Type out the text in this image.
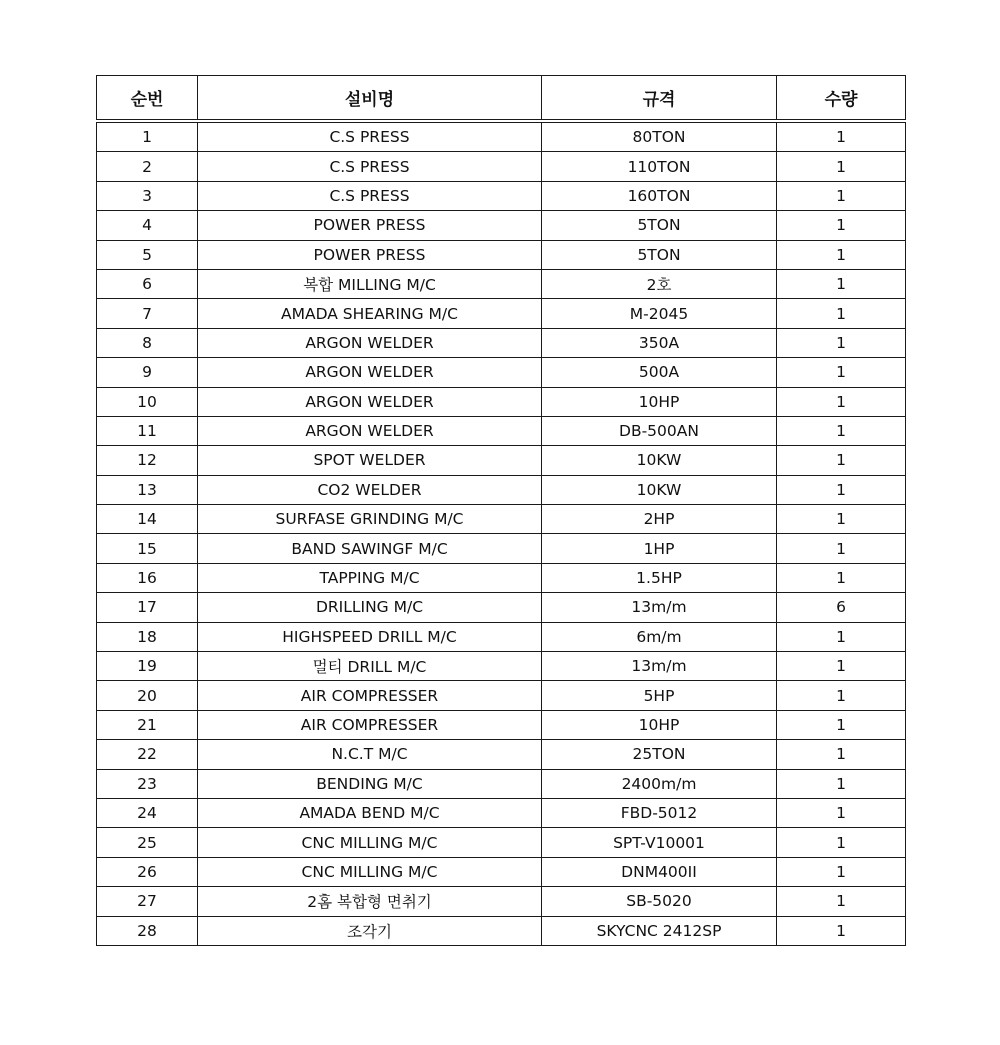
순번	설비명	규격	수량
1	C.S PRESS	80TON	1
2	C.S PRESS	110TON	1
3	C.S PRESS	160TON	1
4	POWER PRESS	5TON	1
5	POWER PRESS	5TON	1
6	복합 MILLING M/C	2호	1
7	AMADA SHEARING M/C	M-2045	1
8	ARGON WELDER	350A	1
9	ARGON WELDER	500A	1
10	ARGON WELDER	10HP	1
11	ARGON WELDER	DB-500AN	1
12	SPOT WELDER	10KW	1
13	CO2 WELDER	10KW	1
14	SURFASE GRINDING M/C	2HP	1
15	BAND SAWINGF M/C	1HP	1
16	TAPPING M/C	1.5HP	1
17	DRILLING M/C	13m/m	6
18	HIGHSPEED DRILL M/C	6m/m	1
19	멀티 DRILL M/C	13m/m	1
20	AIR COMPRESSER	5HP	1
21	AIR COMPRESSER	10HP	1
22	N.C.T M/C	25TON	1
23	BENDING M/C	2400m/m	1
24	AMADA BEND M/C	FBD-5012	1
25	CNC MILLING M/C	SPT-V10001	1
26	CNC MILLING M/C	DNM400II	1
27	2홈 복합형 면취기	SB-5020	1
28	조각기	SKYCNC 2412SP	1
